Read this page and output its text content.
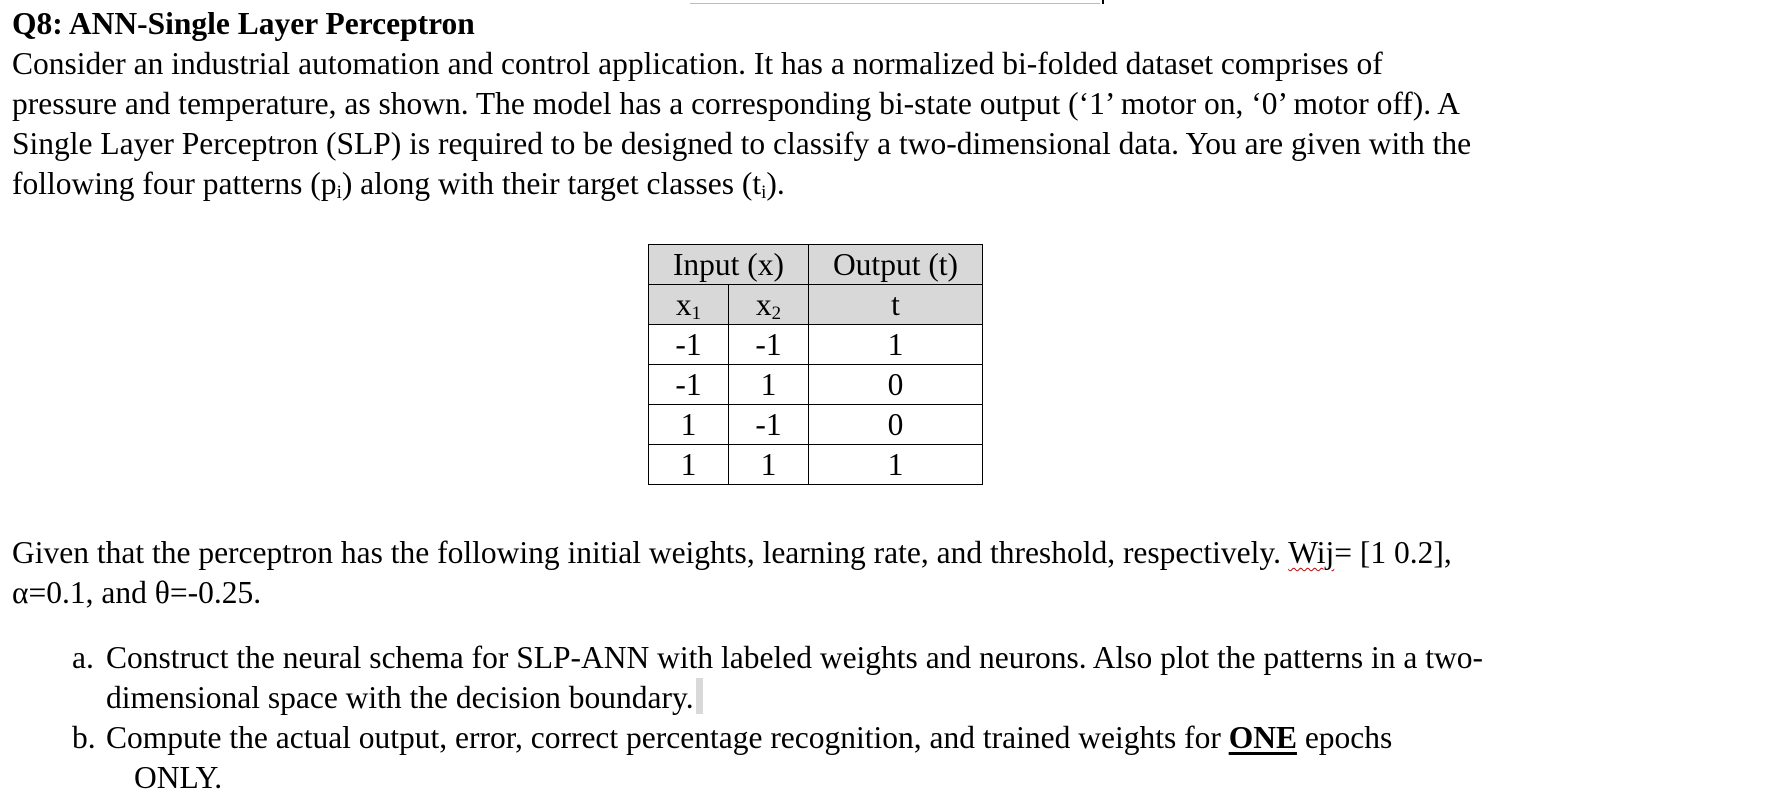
Q8: ANN-Single Layer Perceptron

Consider an industrial automation and control application. It has a normalized bi-folded dataset comprises of

pressure and temperature, as shown. The model has a corresponding bi-state output (‘1’ motor on, ‘0’ motor off). A

Single Layer Perceptron (SLP) is required to be designed to classify a two-dimensional data. You are given with the

following four patterns $(p_i)$ along with their target classes $(t_i)$.

Input (x)		Output (t)
$x_1$	$x_2$	t
-1	-1	1
-1	1	0
1	-1	0
1	1	1

Given that the perceptron has the following initial weights, learning rate, and threshold, respectively. Wij= [1 0.2],

α=0.1, and θ=-0.25.

a. Construct the neural schema for SLP-ANN with labeled weights and neurons. Also plot the patterns in a two-

dimensional space with the decision boundary.

b. Compute the actual output, error, correct percentage recognition, and trained weights for ONE epochs

ONLY.
